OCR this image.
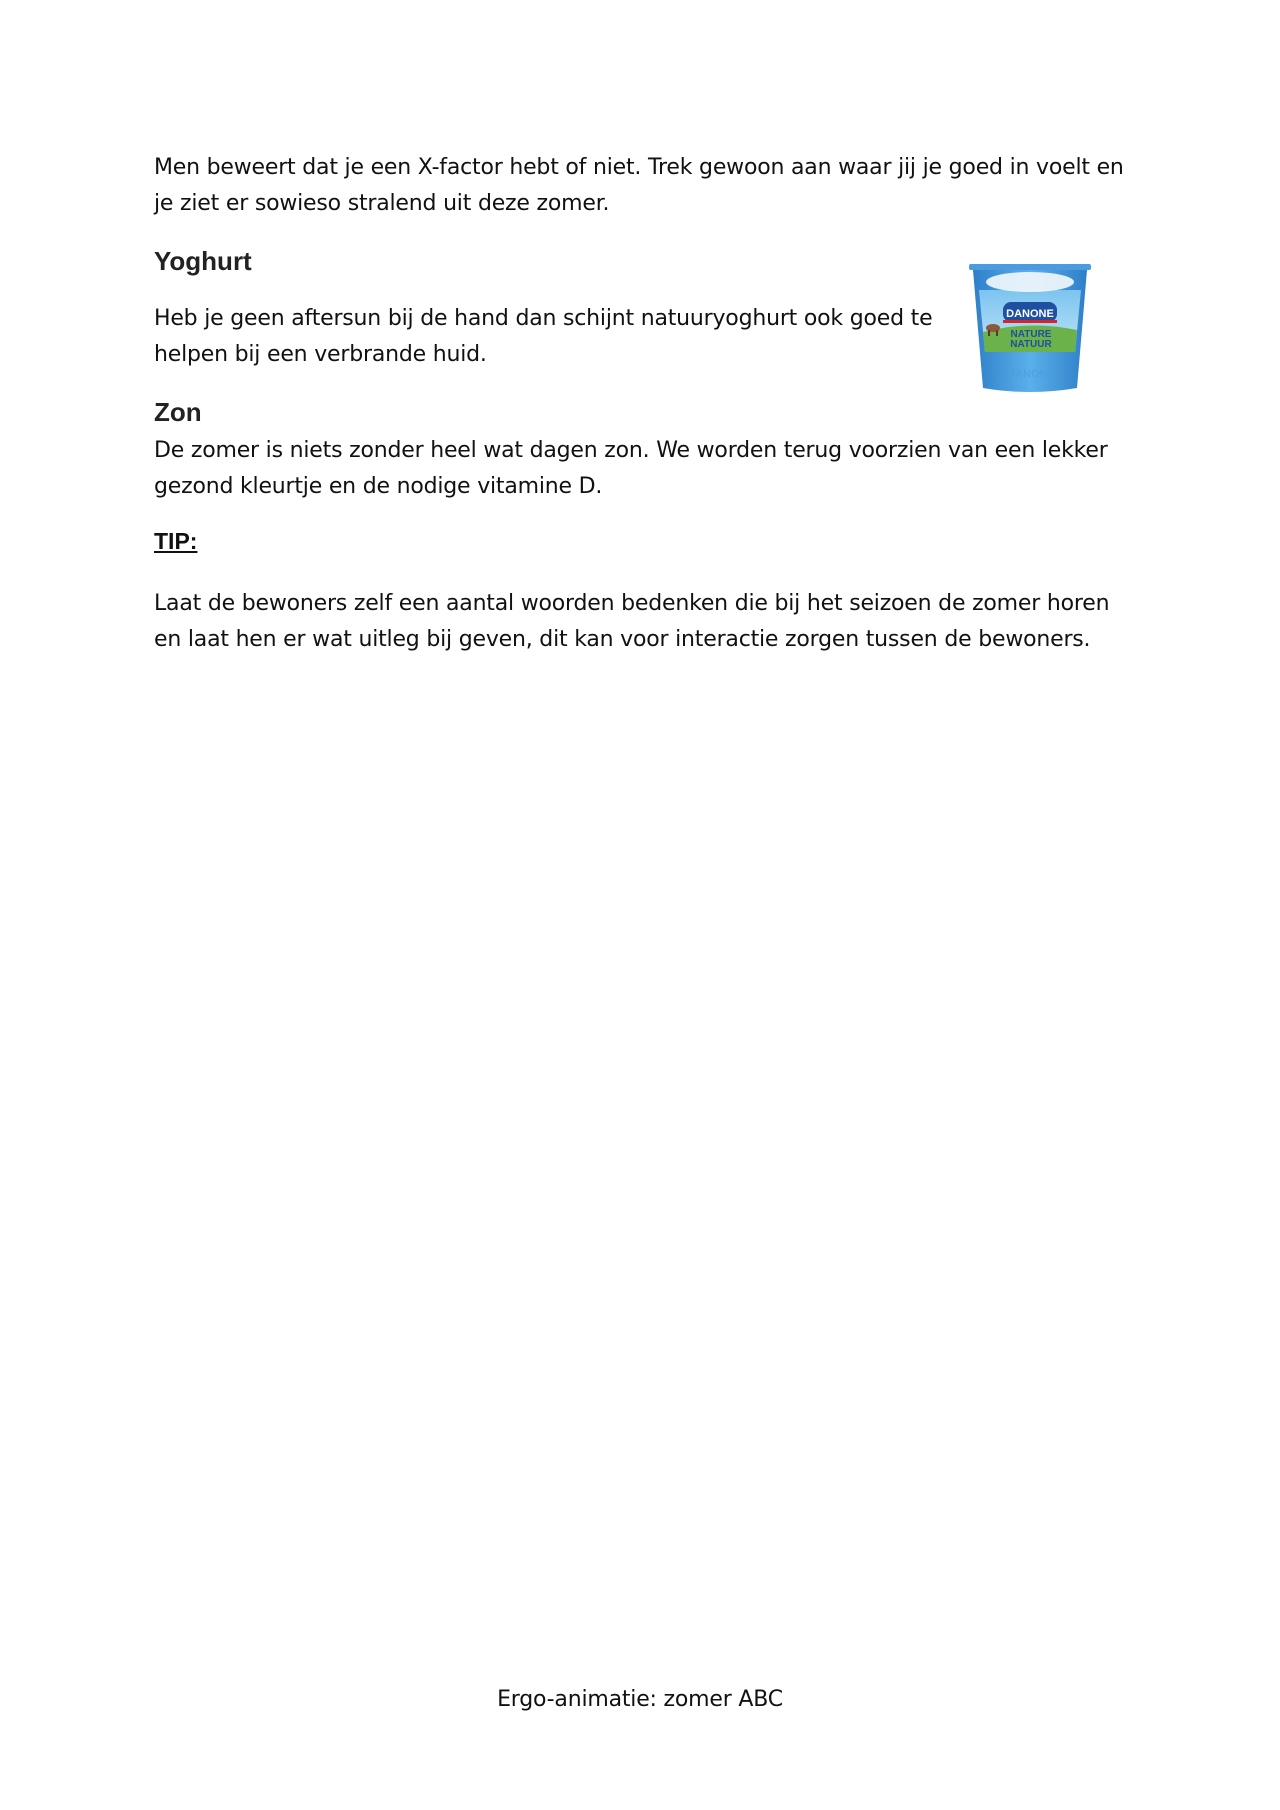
Men beweert dat je een X-factor hebt of niet. Trek gewoon aan waar jij je goed in voelt en je ziet er sowieso stralend uit deze zomer.

Yoghurt

Heb je geen aftersun bij de hand dan schijnt natuuryoghurt ook goed te helpen bij een verbrande huid.

Zon

De zomer is niets zonder heel wat dagen zon. We worden terug voorzien van een lekker gezond kleurtje en de nodige vitamine D.

TIP:

Laat de bewoners zelf een aantal woorden bedenken die bij het seizoen de zomer horen en laat hen er wat uitleg bij geven, dit kan voor interactie zorgen tussen de bewoners.

DANONE
NATURE
NATUUR
DANONE
Ergo-animatie: zomer ABC
